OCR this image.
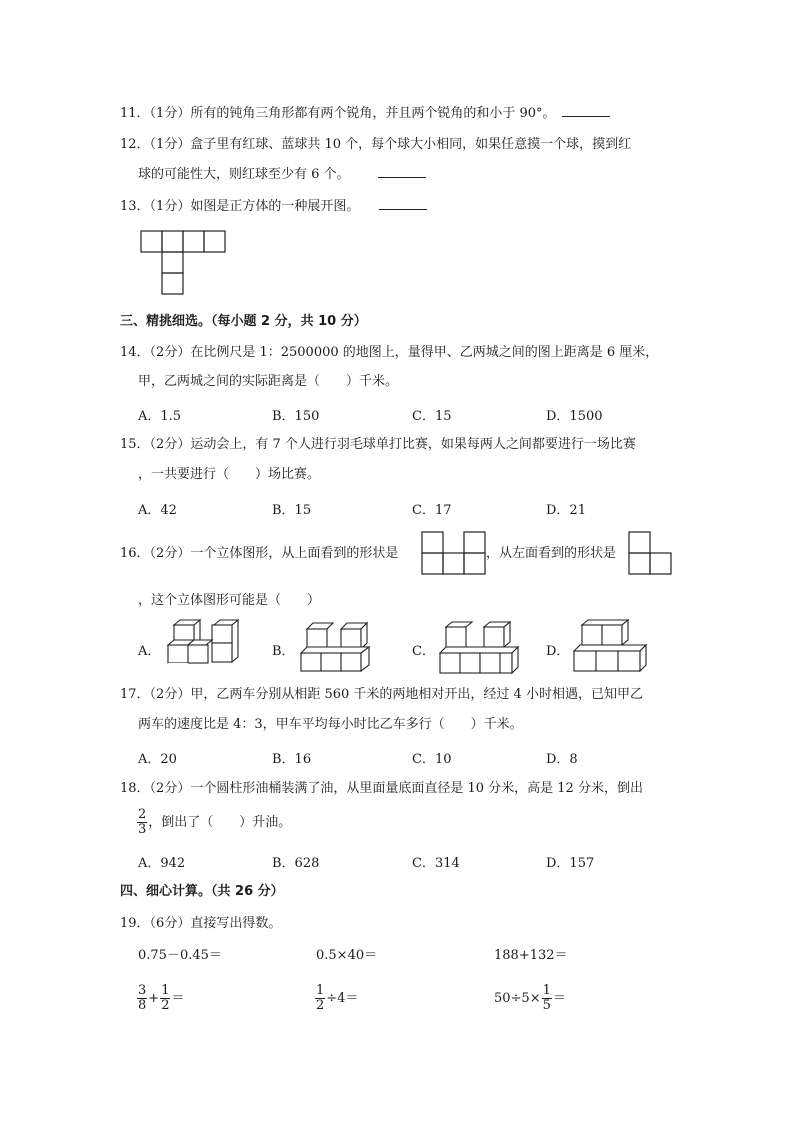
11．（1分）所有的钝角三角形都有两个锐角，并且两个锐角的和小于 90°。
12．（1分）盒子里有红球、蓝球共 10 个，每个球大小相同，如果任意摸一个球，摸到红
球的可能性大，则红球至少有 6 个。
13．（1分）如图是正方体的一种展开图。
三、精挑细选。（每小题 2 分，共 10 分）
14．（2分）在比例尺是 1：2500000 的地图上，量得甲、乙两城之间的图上距离是 6 厘米，
甲，乙两城之间的实际距离是（　　）千米。
A．1.5	B．150	C．15	D．1500
15．（2分）运动会上，有 7 个人进行羽毛球单打比赛，如果每两人之间都要进行一场比赛
，一共要进行（　　）场比赛。
A．42	B．15	C．17	D．21
16．（2分）一个立体图形，从上面看到的形状是	，从左面看到的形状是
，这个立体图形可能是（　　）
A．	B．	C．	D．
17．（2分）甲，乙两车分别从相距 560 千米的两地相对开出，经过 4 小时相遇，已知甲乙
两车的速度比是 4：3，甲车平均每小时比乙车多行（　　）千米。
A．20	B．16	C．10	D．8
18．（2分）一个圆柱形油桶装满了油，从里面量底面直径是 10 分米，高是 12 分米，倒出
$\frac{2}{3}$ ，倒出了（　　）升油。
A．942	B．628	C．314	D．157
四、细心计算。（共 26 分）
19．（6分）直接写出得数。
0.75－0.45＝	0.5×40＝	188+132＝
$\frac{3}{8} + \frac{1}{2}$ ＝	$\frac{1}{2} \div 4=$	$50\div 5\times \frac{1}{5}$ ＝
